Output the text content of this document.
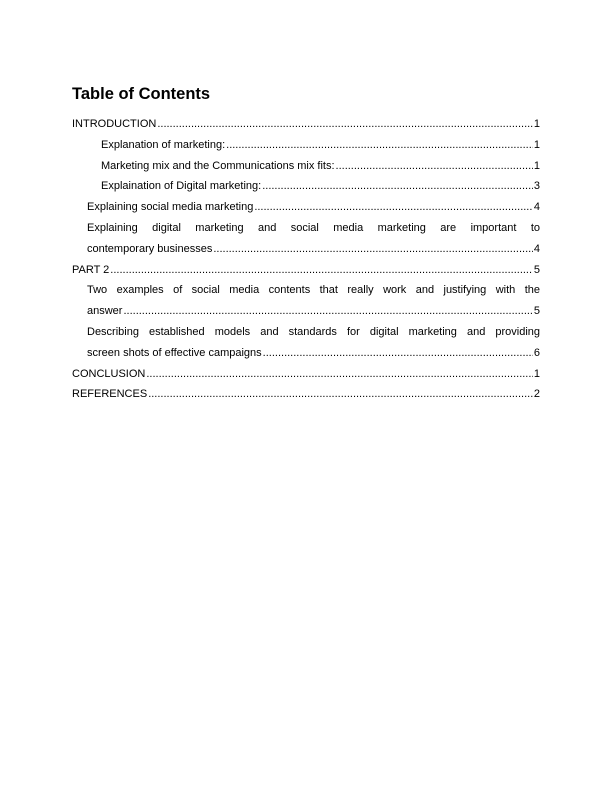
Table of Contents
INTRODUCTION .....	1
Explanation of marketing: .....	1
Marketing mix and the Communications mix fits: .....	1
Explaination of Digital marketing: .....	3
Explaining social media marketing .....	4
Explaining digital marketing and social media marketing are important to
contemporary businesses .....	4
PART 2 .....	5
Two examples of social media contents that really work and justifying with the
answer .....	5
Describing established models and standards for digital marketing and providing
screen shots of effective campaigns .....	6
CONCLUSION .....	1
REFERENCES .....	2
